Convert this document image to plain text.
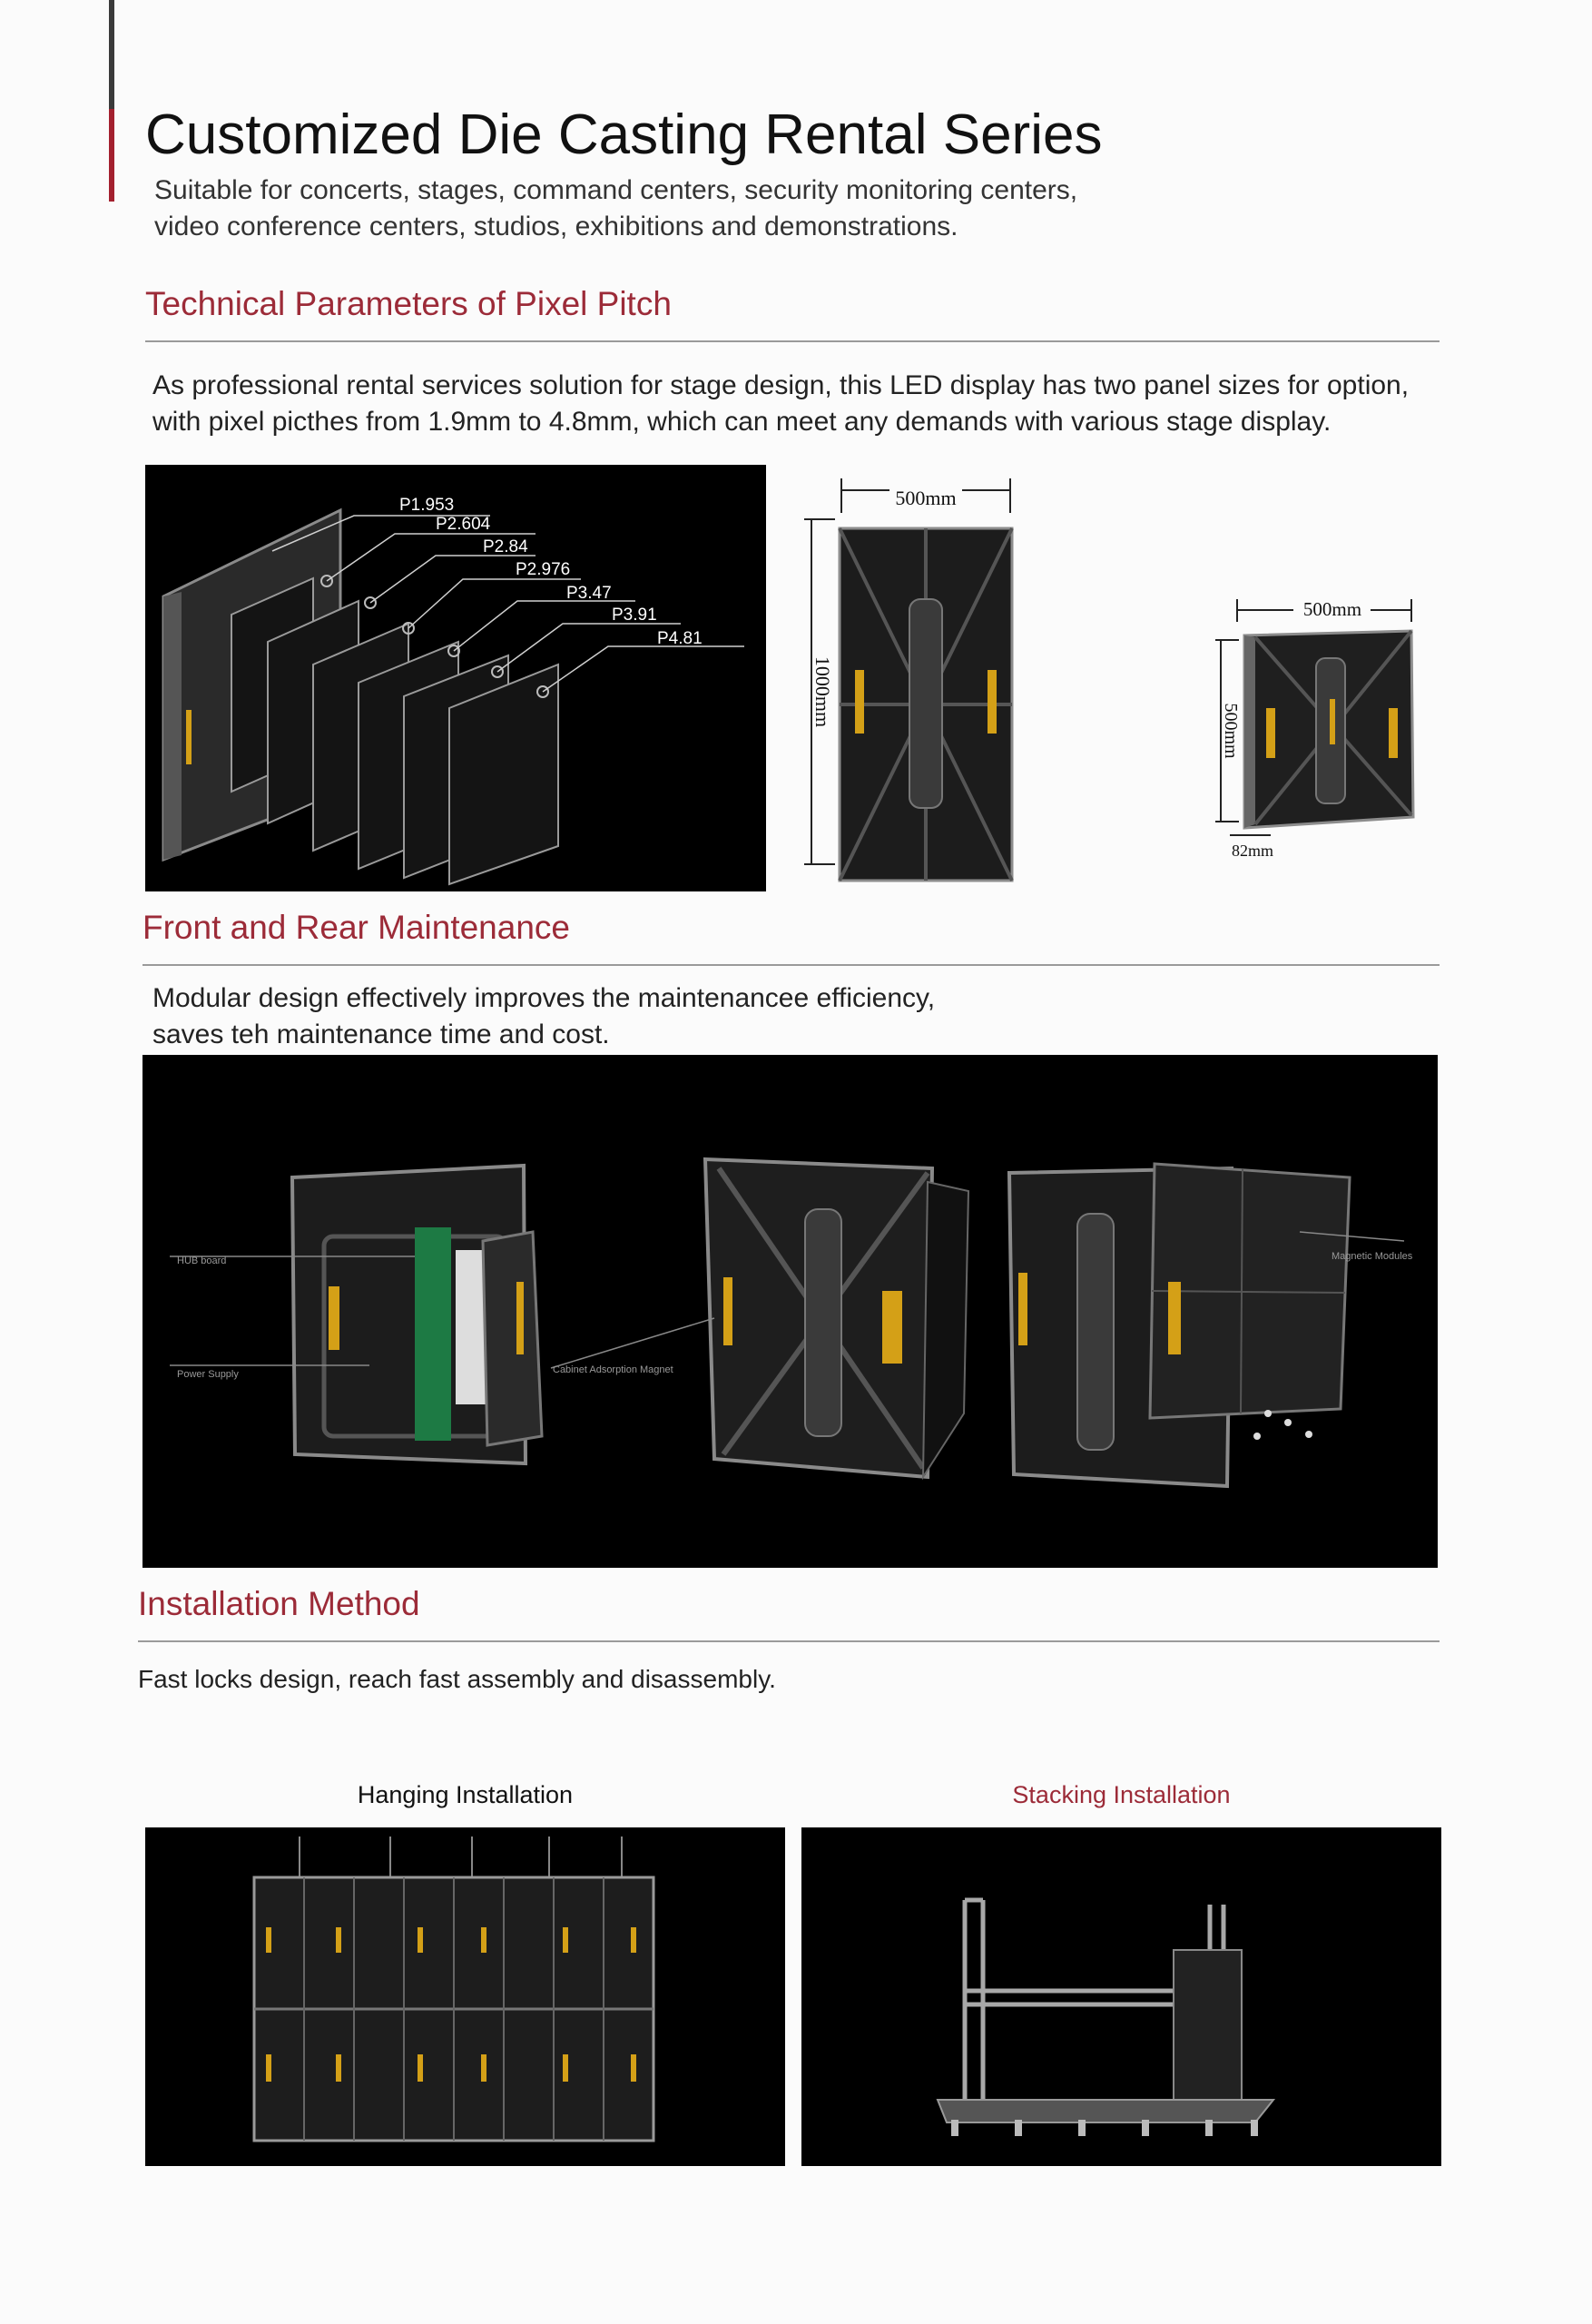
Customized Die Casting Rental Series
Suitable for concerts, stages, command centers, security monitoring centers,
video conference centers, studios, exhibitions and demonstrations.
Technical Parameters of Pixel Pitch
As professional rental services solution for stage design, this LED display has two panel sizes for option,
with pixel picthes from 1.9mm to 4.8mm, which can meet any demands with various stage display.
P1.953
P2.604
P2.84
P2.976
P3.47
P3.91
P4.81
500mm
1000mm
500mm
500mm
82mm
Front and Rear Maintenance
Modular design effectively improves the maintenancee efficiency,
saves teh maintenance time and cost.
HUB board
Power Supply	Cabinet Adsorption Magnet
Magnetic Modules
Installation Method
Fast locks design, reach fast assembly and disassembly.
Hanging Installation	Stacking Installation
